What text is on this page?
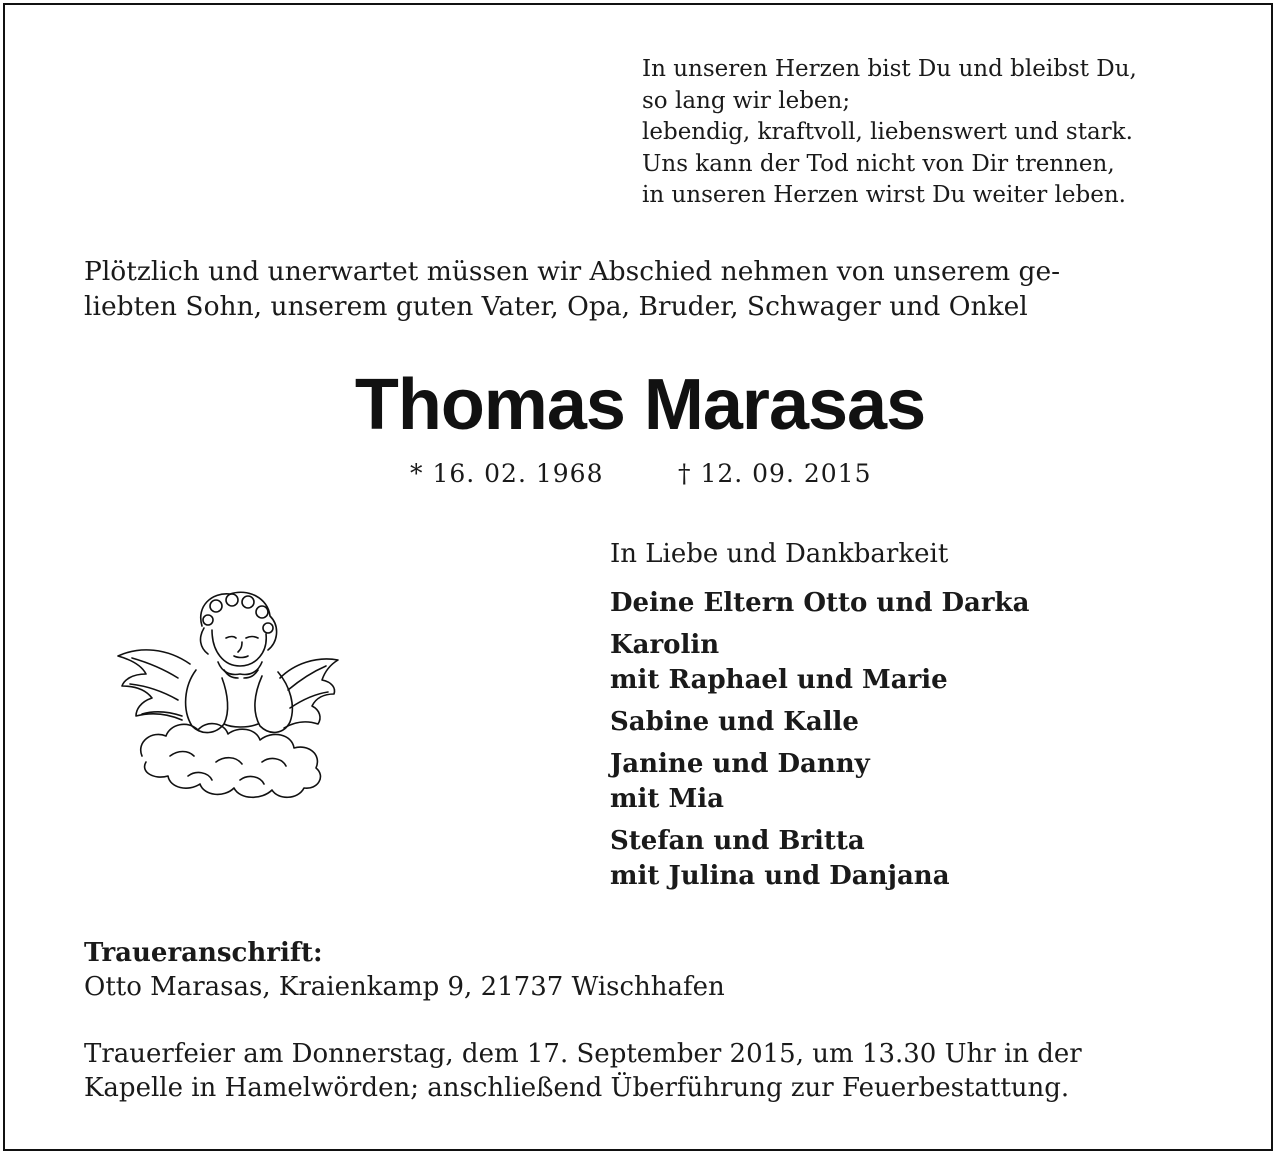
In unseren Herzen bist Du und bleibst Du,
so lang wir leben;
lebendig, kraftvoll, liebenswert und stark.
Uns kann der Tod nicht von Dir trennen,
in unseren Herzen wirst Du weiter leben.
Plötzlich und unerwartet müssen wir Abschied nehmen von unserem ge-
liebten Sohn, unserem guten Vater, Opa, Bruder, Schwager und Onkel
Thomas Marasas
* 16. 02. 1968	† 12. 09. 2015
In Liebe und Dankbarkeit
Deine Eltern Otto und Darka
Karolin
mit Raphael und Marie
Sabine und Kalle
Janine und Danny
mit Mia
Stefan und Britta
mit Julina und Danjana
Traueranschrift:
Otto Marasas, Kraienkamp 9, 21737 Wischhafen
Trauerfeier am Donnerstag, dem 17. September 2015, um 13.30 Uhr in der
Kapelle in Hamelwörden; anschließend Überführung zur Feuerbestattung.
